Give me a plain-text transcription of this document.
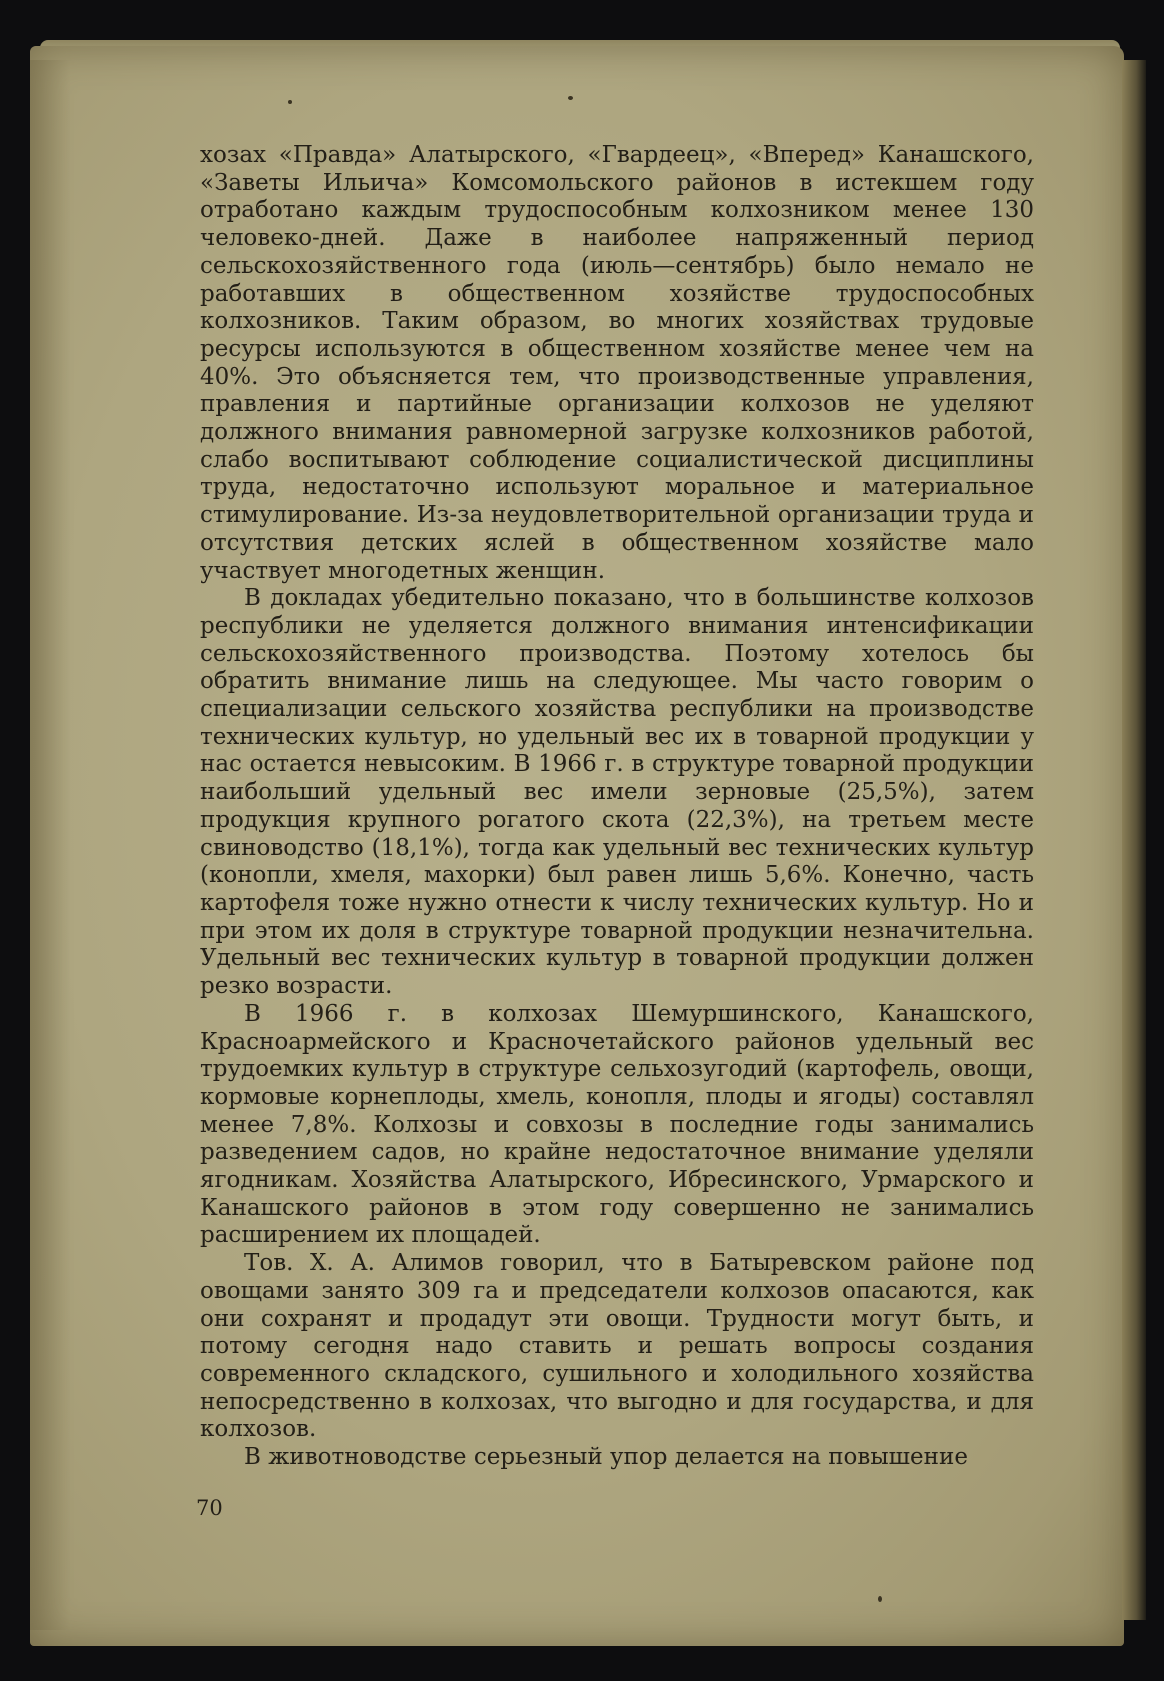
хозах «Правда» Алатырского, «Гвардеец», «Вперед» Канашского, «Заветы Ильича» Комсомольского районов в истекшем году отработано каждым трудоспособным колхозником менее 130 человеко-дней. Даже в наиболее напряженный период сельскохозяйственного года (июль—сентябрь) было немало не работавших в общественном хозяйстве трудоспособных колхозников. Таким образом, во многих хозяйствах трудовые ресурсы используются в общественном хозяйстве менее чем на 40%. Это объясняется тем, что производственные управления, правления и партийные организации колхозов не уделяют должного внимания равномерной загрузке колхозников работой, слабо воспитывают соблюдение социалистической дисциплины труда, недостаточно используют моральное и материальное стимулирование. Из-за неудовлетворительной организации труда и отсутствия детских яслей в общественном хозяйстве мало участвует многодетных женщин.

В докладах убедительно показано, что в большинстве колхозов республики не уделяется должного внимания интенсификации сельскохозяйственного производства. Поэтому хотелось бы обратить внимание лишь на следующее. Мы часто говорим о специализации сельского хозяйства республики на производстве технических культур, но удельный вес их в товарной продукции у нас остается невысоким. В 1966 г. в структуре товарной продукции наибольший удельный вес имели зерновые (25,5%), затем продукция крупного рогатого скота (22,3%), на третьем месте свиноводство (18,1%), тогда как удельный вес технических культур (конопли, хмеля, махорки) был равен лишь 5,6%. Конечно, часть картофеля тоже нужно отнести к числу технических культур. Но и при этом их доля в структуре товарной продукции незначительна. Удельный вес технических культур в товарной продукции должен резко возрасти.

В 1966 г. в колхозах Шемуршинского, Канашского, Красноармейского и Красночетайского районов удельный вес трудоемких культур в структуре сельхозугодий (картофель, овощи, кормовые корнеплоды, хмель, конопля, плоды и ягоды) составлял менее 7,8%. Колхозы и совхозы в последние годы занимались разведением садов, но крайне недостаточное внимание уделяли ягодникам. Хозяйства Алатырского, Ибресинского, Урмарского и Канашского районов в этом году совершенно не занимались расширением их площадей.

Тов. Х. А. Алимов говорил, что в Батыревском районе под овощами занято 309 га и председатели колхозов опасаются, как они сохранят и продадут эти овощи. Трудности могут быть, и потому сегодня надо ставить и решать вопросы создания современного складского, сушильного и холодильного хозяйства непосредственно в колхозах, что выгодно и для государства, и для колхозов.

В животноводстве серьезный упор делается на повышение

70
